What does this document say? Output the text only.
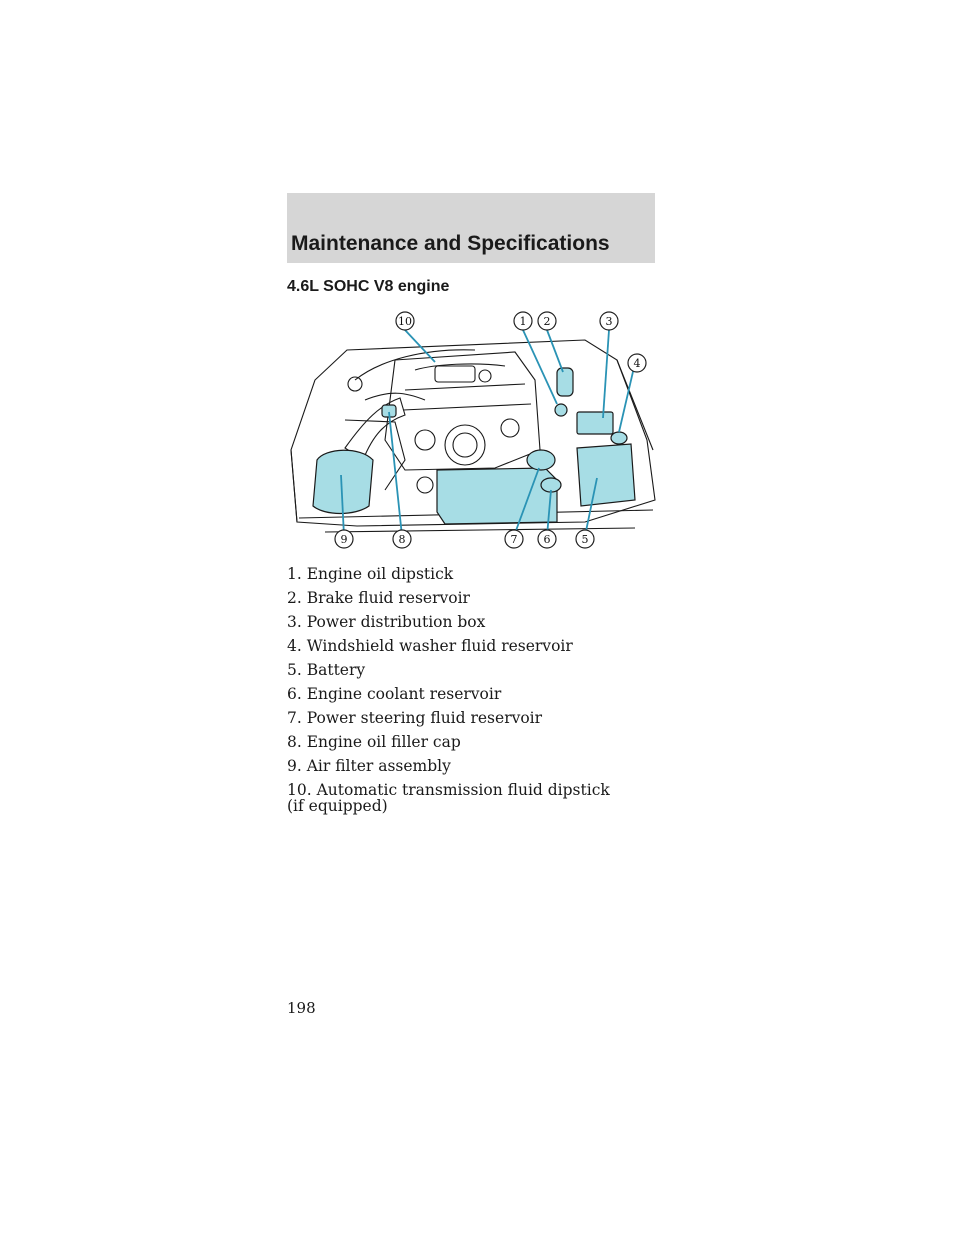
Maintenance and Specifications
4.6L SOHC V8 engine
10	1 2	3
4
5
6
7
8
9
1. Engine oil dipstick
2. Brake fluid reservoir
3. Power distribution box
4. Windshield washer fluid reservoir
5. Battery
6. Engine coolant reservoir
7. Power steering fluid reservoir
8. Engine oil filler cap
9. Air filter assembly
10. Automatic transmission fluid dipstick
(if equipped)
198
